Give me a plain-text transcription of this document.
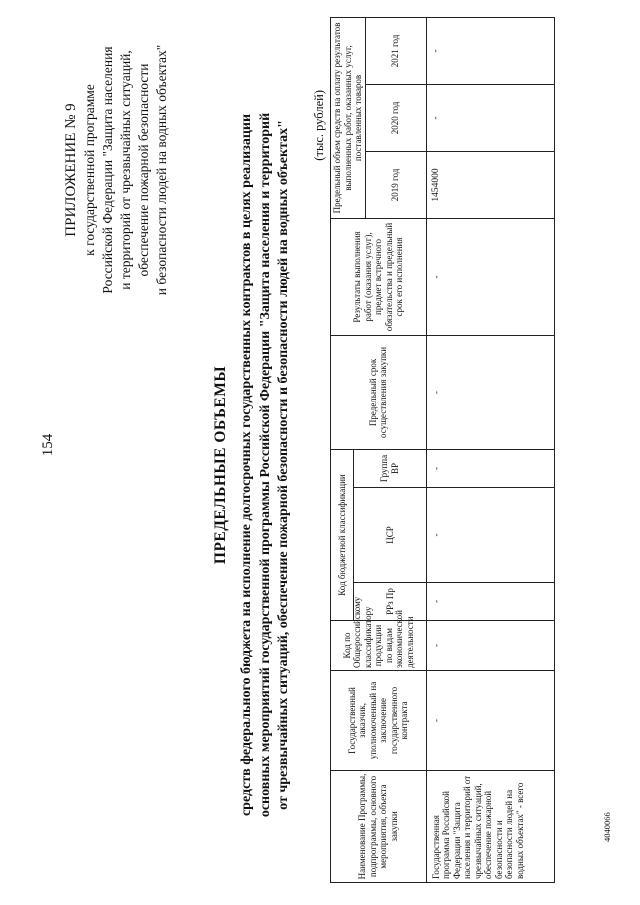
154
ПРИЛОЖЕНИЕ № 9 к государственной программе Российской Федерации "Защита населения и территорий от чрезвычайных ситуаций, обеспечение пожарной безопасности и безопасности людей на водных объектах"
ПРЕДЕЛЬНЫЕ ОБЪЕМЫ средств федерального бюджета на исполнение долгосрочных государственных контрактов в целях реализации основных мероприятий государственной программы Российской Федерации "Защита населения и территорий от чрезвычайных ситуаций, обеспечение пожарной безопасности и безопасности людей на водных объектах" (тыс. рублей)
Наименование Программы, подпрограммы, основного мероприятия, объекта закупки	Государственный заказчик, уполномоченный на заключение государственного контракта	Код по Общероссийскому классификатору продукции по видам экономической деятельности	Код бюджетной классификации			Предельный срок осуществления закупки	Результаты выполнения работ (оказания услуг), предмет встречного обязательства и предельный срок его исполнения	Предельный объем средств на оплату результатов выполненных работ, оказанных услуг, поставленных товаров		
			РРз Пр	ЦСР	Группа ВР					
								2019 год	2020 год	2021 год
Государственная программа Российской Федерации "Защита населения и территорий от чрезвычайных ситуаций, обеспечение пожарной безопасности и безопасности людей на водных объектах" - всего	-	-	-	-	-	-	-	1454000	-	-
4040066
